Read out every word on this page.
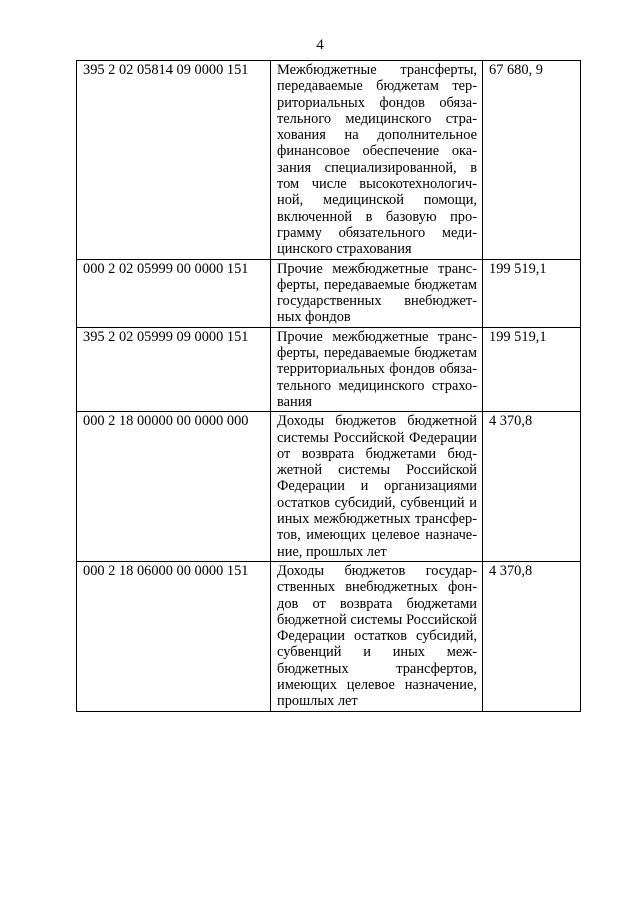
4
395 2 02 05814 09 0000 151	Межбюджетные трансферты, передаваемые бюджетам территориальных фондов обязательного медицинского страхования на дополнительное финансовое обеспечение оказания специализированной, в том числе высокотехнологичной, медицинской помощи, включенной в базовую программу обязательного медицинского страхования	67 680, 9
000 2 02 05999 00 0000 151	Прочие межбюджетные трансферты, передаваемые бюджетам государственных внебюджетных фондов	199 519,1
395 2 02 05999 09 0000 151	Прочие межбюджетные трансферты, передаваемые бюджетам территориальных фондов обязательного медицинского страхования	199 519,1
000 2 18 00000 00 0000 000	Доходы бюджетов бюджетной системы Российской Федерации от возврата бюджетами бюджетной системы Российской Федерации и организациями остатков субсидий, субвенций и иных межбюджетных трансфертов, имеющих целевое назначение, прошлых лет	4 370,8
000 2 18 06000 00 0000 151	Доходы бюджетов государственных внебюджетных фондов от возврата бюджетами бюджетной системы Российской Федерации остатков субсидий, субвенций и иных межбюджетных трансфертов, имеющих целевое назначение, прошлых лет	4 370,8
